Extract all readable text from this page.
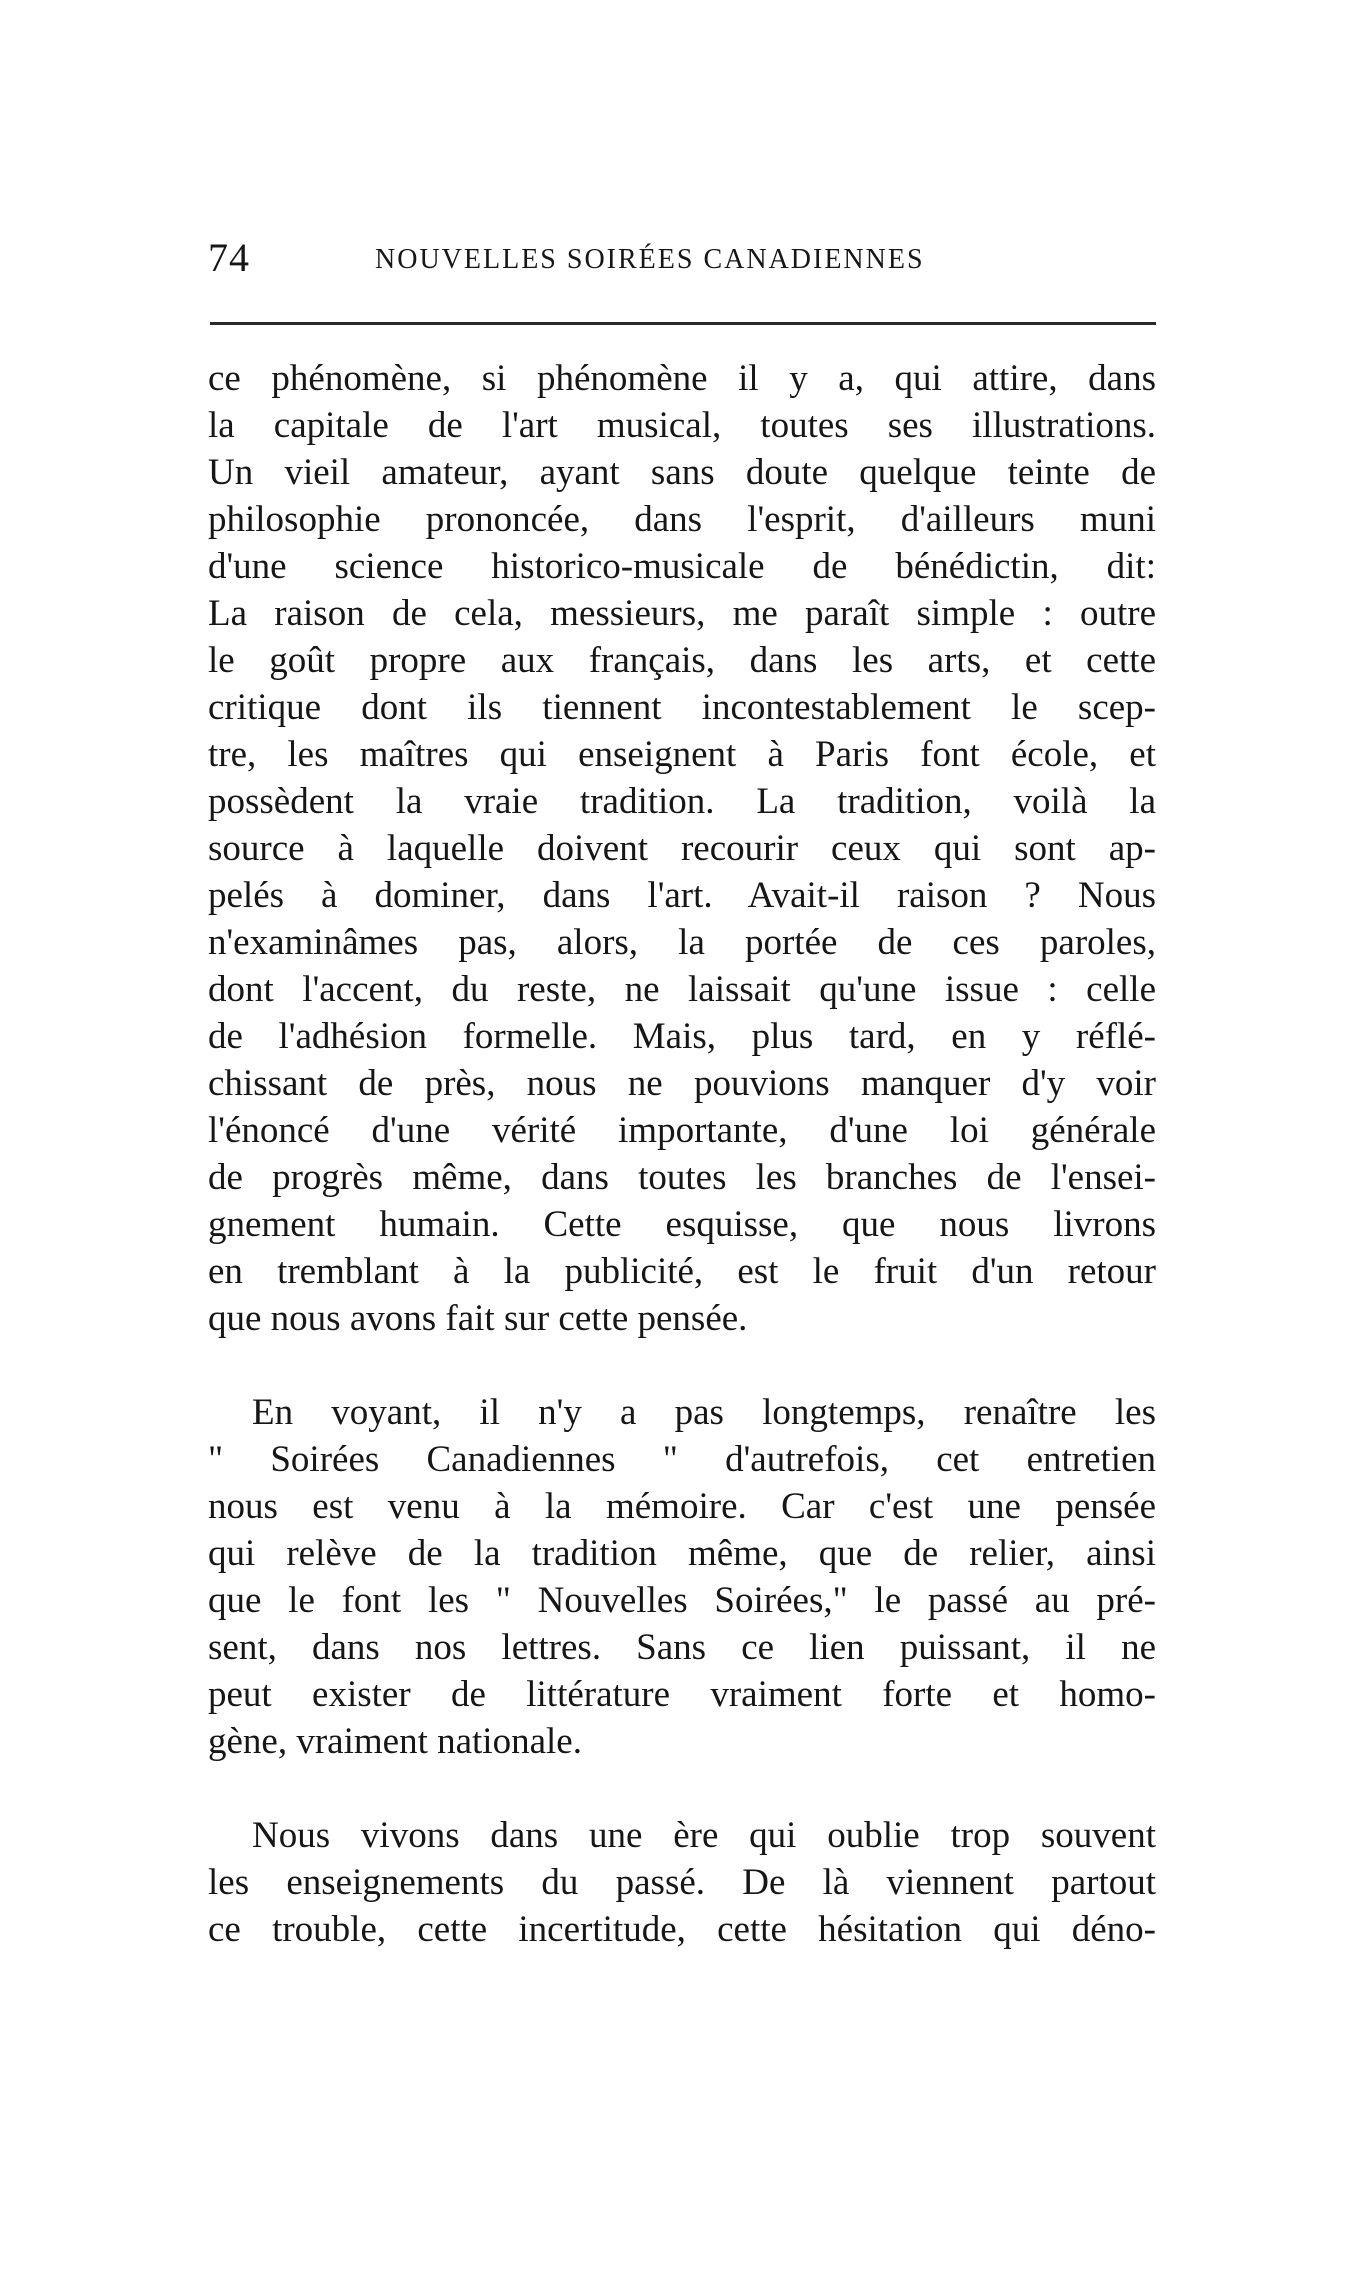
74	NOUVELLES SOIRÉES CANADIENNES
ce phénomène, si phénomène il y a, qui attire, dans
la capitale de l'art musical, toutes ses illustrations.
Un vieil amateur, ayant sans doute quelque teinte de
philosophie prononcée, dans l'esprit, d'ailleurs muni
d'une science historico-musicale de bénédictin, dit:
La raison de cela, messieurs, me paraît simple : outre
le goût propre aux français, dans les arts, et cette
critique dont ils tiennent incontestablement le scep-
tre, les maîtres qui enseignent à Paris font école, et
possèdent la vraie tradition. La tradition, voilà la
source à laquelle doivent recourir ceux qui sont ap-
pelés à dominer, dans l'art. Avait-il raison ? Nous
n'examinâmes pas, alors, la portée de ces paroles,
dont l'accent, du reste, ne laissait qu'une issue : celle
de l'adhésion formelle. Mais, plus tard, en y réflé-
chissant de près, nous ne pouvions manquer d'y voir
l'énoncé d'une vérité importante, d'une loi générale
de progrès même, dans toutes les branches de l'ensei-
gnement humain. Cette esquisse, que nous livrons
en tremblant à la publicité, est le fruit d'un retour
que nous avons fait sur cette pensée.
En voyant, il n'y a pas longtemps, renaître les
" Soirées Canadiennes " d'autrefois, cet entretien
nous est venu à la mémoire. Car c'est une pensée
qui relève de la tradition même, que de relier, ainsi
que le font les " Nouvelles Soirées," le passé au pré-
sent, dans nos lettres. Sans ce lien puissant, il ne
peut exister de littérature vraiment forte et homo-
gène, vraiment nationale.
Nous vivons dans une ère qui oublie trop souvent
les enseignements du passé. De là viennent partout
ce trouble, cette incertitude, cette hésitation qui déno-
